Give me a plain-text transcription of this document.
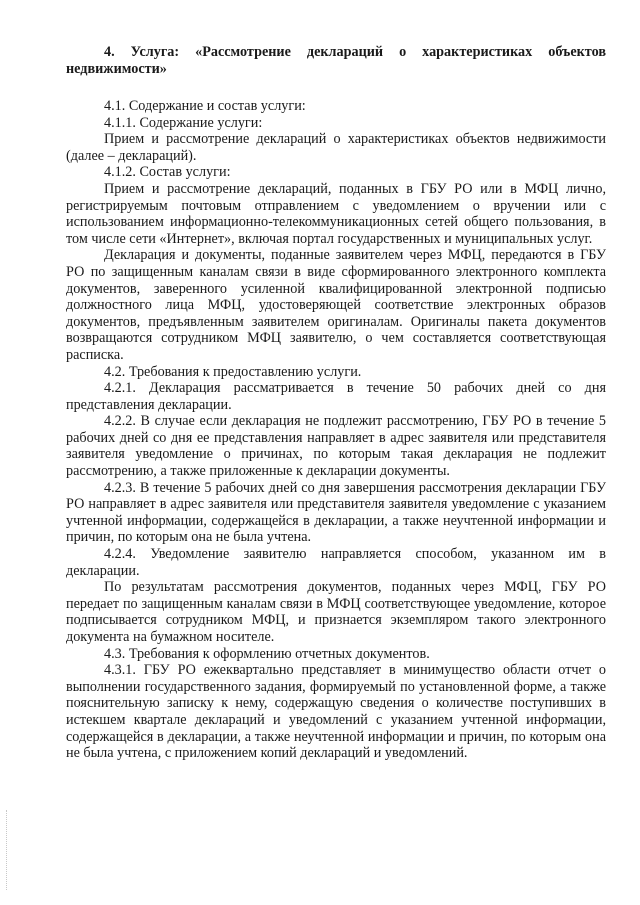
4. Услуга: «Рассмотрение деклараций о характеристиках объектов недвижимости»

4.1. Содержание и состав услуги:

4.1.1. Содержание услуги:

Прием и рассмотрение деклараций о характеристиках объектов недвижимости (далее – деклараций).

4.1.2. Состав услуги:

Прием и рассмотрение деклараций, поданных в ГБУ РО или в МФЦ лично, регистрируемым почтовым отправлением с уведомлением о вручении или с использованием информационно-телекоммуникационных сетей общего пользования, в том числе сети «Интернет», включая портал государственных и муниципальных услуг.

Декларация и документы, поданные заявителем через МФЦ, передаются в ГБУ РО по защищенным каналам связи в виде сформированного электронного комплекта документов, заверенного усиленной квалифицированной электронной подписью должностного лица МФЦ, удостоверяющей соответствие электронных образов документов, предъявленным заявителем оригиналам. Оригиналы пакета документов возвращаются сотрудником МФЦ заявителю, о чем составляется соответствующая расписка.

4.2. Требования к предоставлению услуги.

4.2.1. Декларация рассматривается в течение 50 рабочих дней со дня представления декларации.

4.2.2. В случае если декларация не подлежит рассмотрению, ГБУ РО в течение 5 рабочих дней со дня ее представления направляет в адрес заявителя или представителя заявителя уведомление о причинах, по которым такая декларация не подлежит рассмотрению, а также приложенные к декларации документы.

4.2.3. В течение 5 рабочих дней со дня завершения рассмотрения декларации ГБУ РО направляет в адрес заявителя или представителя заявителя уведомление с указанием учтенной информации, содержащейся в декларации, а также неучтенной информации и причин, по которым она не была учтена.

4.2.4. Уведомление заявителю направляется способом, указанном им в декларации.

По результатам рассмотрения документов, поданных через МФЦ, ГБУ РО передает по защищенным каналам связи в МФЦ соответствующее уведомление, которое подписывается сотрудником МФЦ, и признается экземпляром такого электронного документа на бумажном носителе.

4.3. Требования к оформлению отчетных документов.

4.3.1. ГБУ РО ежеквартально представляет в минимущество области отчет о выполнении государственного задания, формируемый по установленной форме, а также пояснительную записку к нему, содержащую сведения о количестве поступивших в истекшем квартале деклараций и уведомлений с указанием учтенной информации, содержащейся в декларации, а также неучтенной информации и причин, по которым она не была учтена, с приложением копий деклараций и уведомлений.
